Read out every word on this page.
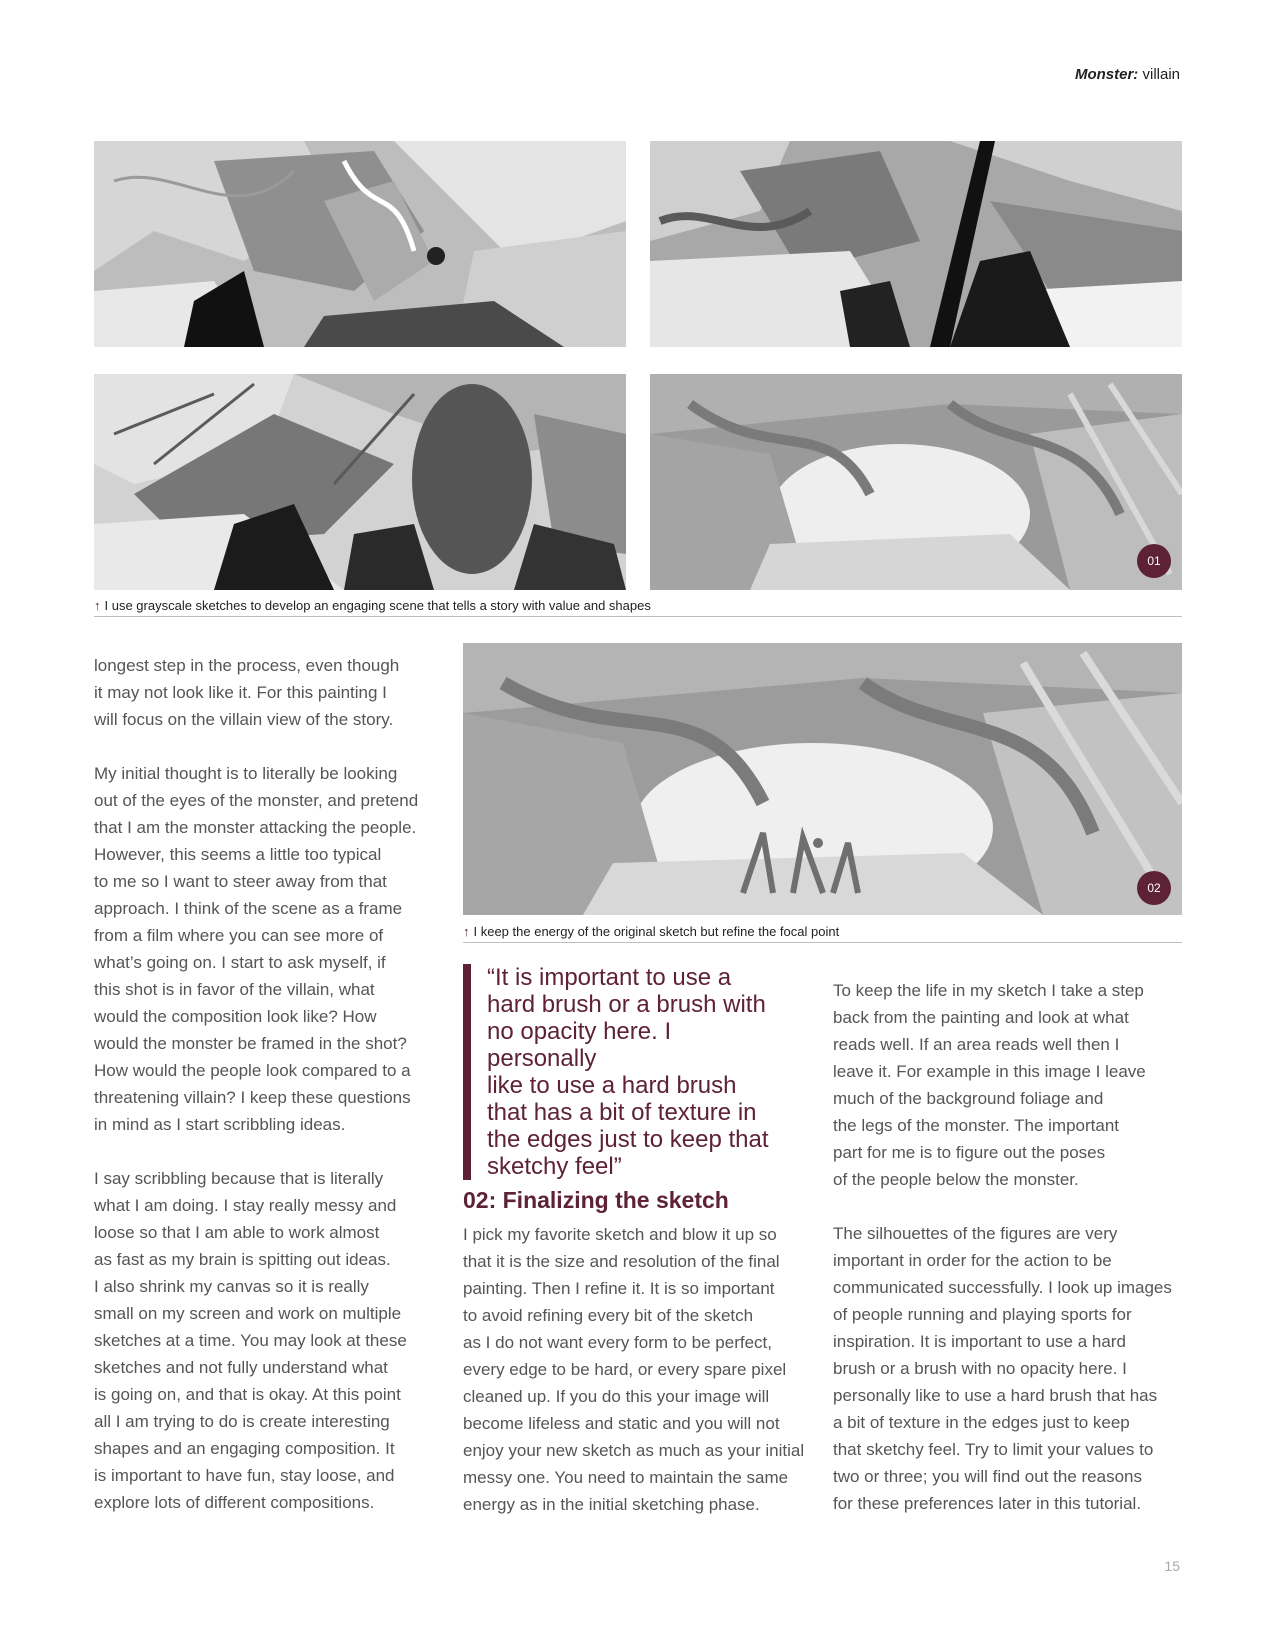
Monster: villain
01
↑ I use grayscale sketches to develop an engaging scene that tells a story with value and shapes

longest step in the process, even though
it may not look like it. For this painting I
will focus on the villain view of the story.

My initial thought is to literally be looking
out of the eyes of the monster, and pretend
that I am the monster attacking the people.
However, this seems a little too typical
to me so I want to steer away from that
approach. I think of the scene as a frame
from a film where you can see more of
what’s going on. I start to ask myself, if
this shot is in favor of the villain, what
would the composition look like? How
would the monster be framed in the shot?
How would the people look compared to a
threatening villain? I keep these questions
in mind as I start scribbling ideas.

I say scribbling because that is literally
what I am doing. I stay really messy and
loose so that I am able to work almost
as fast as my brain is spitting out ideas.
I also shrink my canvas so it is really
small on my screen and work on multiple
sketches at a time. You may look at these
sketches and not fully understand what
is going on, and that is okay. At this point
all I am trying to do is create interesting
shapes and an engaging composition. It
is important to have fun, stay loose, and
explore lots of different compositions.

02
↑ I keep the energy of the original sketch but refine the focal point
“It is important to use a
hard brush or a brush with
no opacity here. I personally
like to use a hard brush
that has a bit of texture in
the edges just to keep that
sketchy feel”
02: Finalizing the sketch

I pick my favorite sketch and blow it up so
that it is the size and resolution of the final
painting. Then I refine it. It is so important
to avoid refining every bit of the sketch
as I do not want every form to be perfect,
every edge to be hard, or every spare pixel
cleaned up. If you do this your image will
become lifeless and static and you will not
enjoy your new sketch as much as your initial
messy one. You need to maintain the same
energy as in the initial sketching phase.

To keep the life in my sketch I take a step
back from the painting and look at what
reads well. If an area reads well then I
leave it. For example in this image I leave
much of the background foliage and
the legs of the monster. The important
part for me is to figure out the poses
of the people below the monster.

The silhouettes of the figures are very
important in order for the action to be
communicated successfully. I look up images
of people running and playing sports for
inspiration. It is important to use a hard
brush or a brush with no opacity here. I
personally like to use a hard brush that has
a bit of texture in the edges just to keep
that sketchy feel. Try to limit your values to
two or three; you will find out the reasons
for these preferences later in this tutorial.

15
